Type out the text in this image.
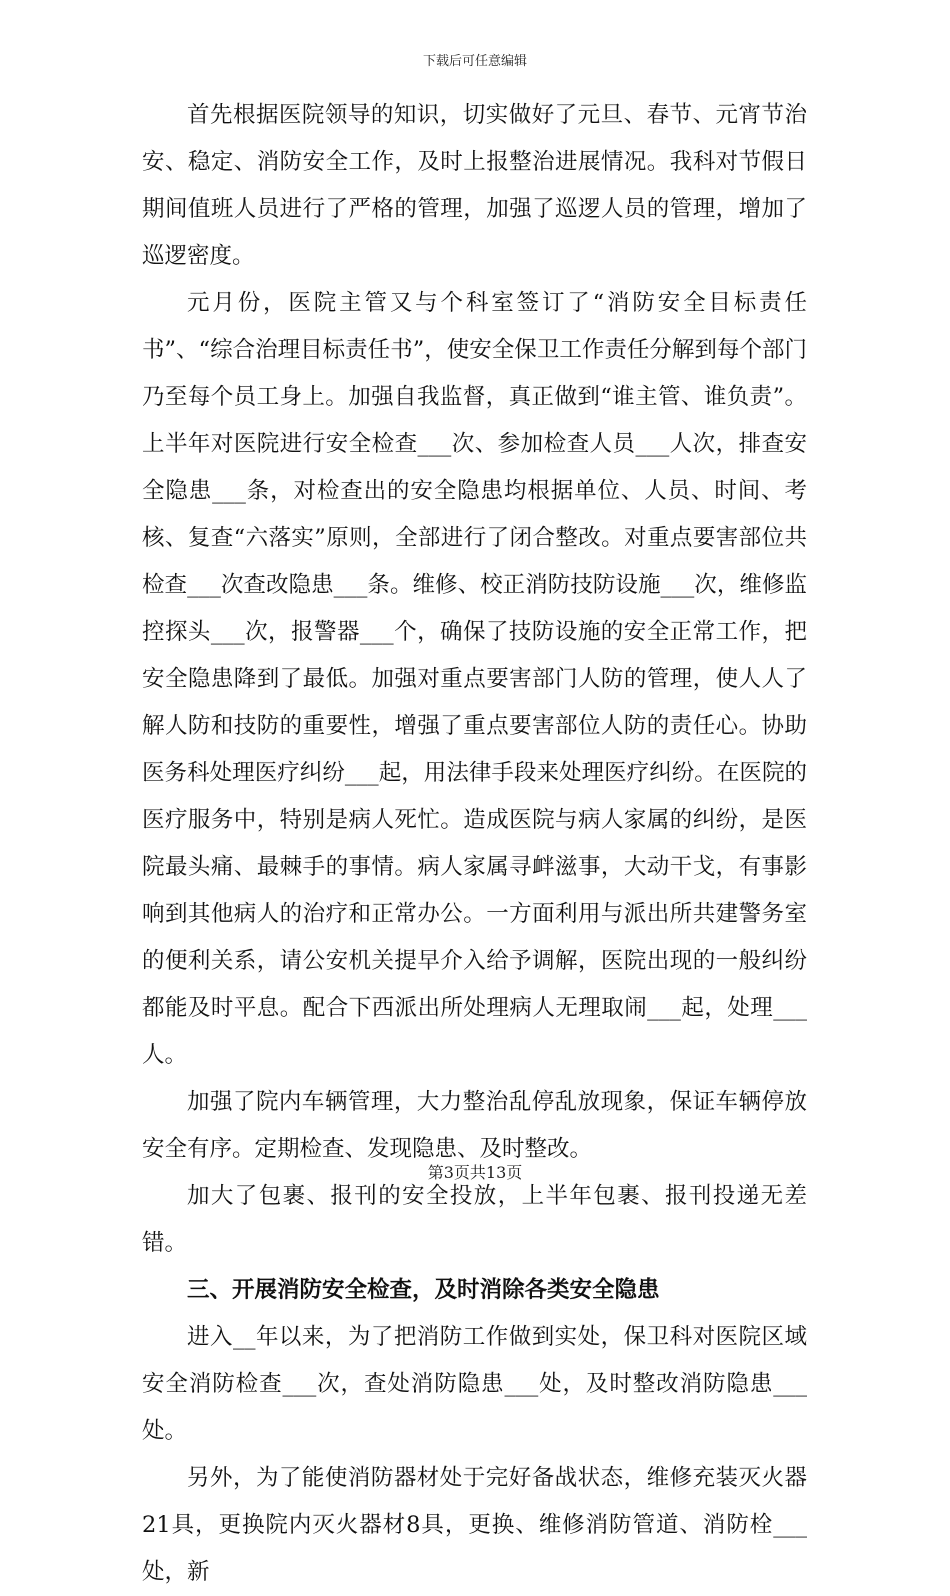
下载后可任意编辑

首先根据医院领导的知识，切实做好了元旦、春节、元宵节治安、稳定、消防安全工作，及时上报整治进展情况。我科对节假日期间值班人员进行了严格的管理，加强了巡逻人员的管理，增加了巡逻密度。

元月份，医院主管又与个科室签订了“消防安全目标责任书”、“综合治理目标责任书”，使安全保卫工作责任分解到每个部门乃至每个员工身上。加强自我监督，真正做到“谁主管、谁负责”。上半年对医院进行安全检查___次、参加检查人员___人次，排查安全隐患___条，对检查出的安全隐患均根据单位、人员、时间、考核、复查“六落实”原则，全部进行了闭合整改。对重点要害部位共检查___次查改隐患___条。维修、校正消防技防设施___次，维修监控探头___次，报警器___个，确保了技防设施的安全正常工作，把安全隐患降到了最低。加强对重点要害部门人防的管理，使人人了解人防和技防的重要性，增强了重点要害部位人防的责任心。协助医务科处理医疗纠纷___起，用法律手段来处理医疗纠纷。在医院的医疗服务中，特别是病人死忙。造成医院与病人家属的纠纷，是医院最头痛、最棘手的事情。病人家属寻衅滋事，大动干戈，有事影响到其他病人的治疗和正常办公。一方面利用与派出所共建警务室的便利关系，请公安机关提早介入给予调解，医院出现的一般纠纷都能及时平息。配合下西派出所处理病人无理取闹___起，处理___人。

加强了院内车辆管理，大力整治乱停乱放现象，保证车辆停放安全有序。定期检查、发现隐患、及时整改。

加大了包裹、报刊的安全投放，上半年包裹、报刊投递无差错。

三、开展消防安全检查，及时消除各类安全隐患

进入__年以来，为了把消防工作做到实处，保卫科对医院区域安全消防检查___次，查处消防隐患___处，及时整改消防隐患___处。

另外，为了能使消防器材处于完好备战状态，维修充装灭火器21具，更换院内灭火器材8具，更换、维修消防管道、消防栓___处，新

第3页共13页
